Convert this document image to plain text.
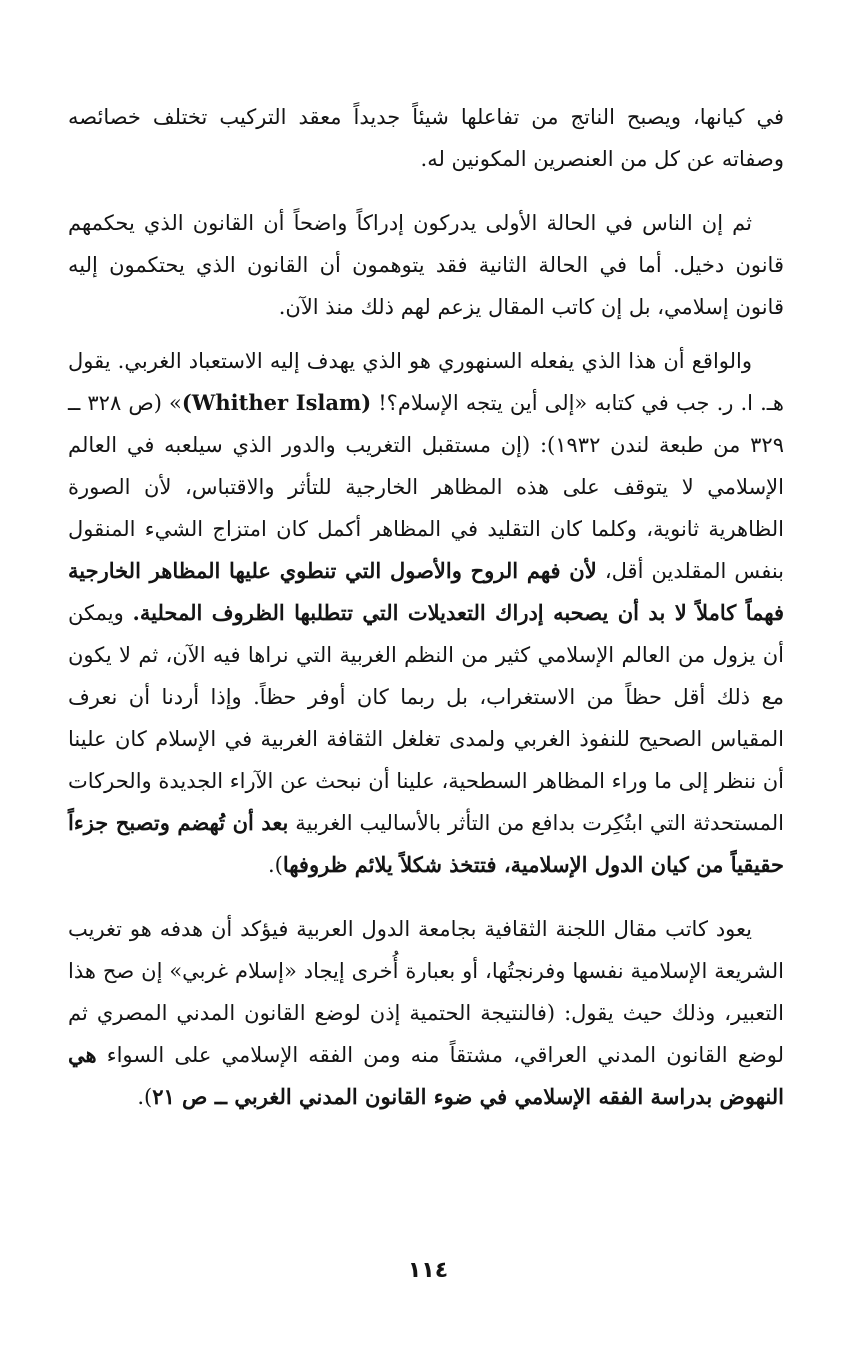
في كيانها، ويصبح الناتج من تفاعلها شيئاً جديداً معقد التركيب تختلف خصائصه وصفاته عن كل من العنصرين المكونين له.

ثم إن الناس في الحالة الأولى يدركون إدراكاً واضحاً أن القانون الذي يحكمهم قانون دخيل. أما في الحالة الثانية فقد يتوهمون أن القانون الذي يحتكمون إليه قانون إسلامي، بل إن كاتب المقال يزعم لهم ذلك منذ الآن.

والواقع أن هذا الذي يفعله السنهوري هو الذي يهدف إليه الاستعباد الغربي. يقول هـ. ا. ر. جب في كتابه «إلى أين يتجه الإسلام؟! (Whither Islam)» (ص ٣٢٨ ــ ٣٢٩ من طبعة لندن ١٩٣٢): (إن مستقبل التغريب والدور الذي سيلعبه في العالم الإسلامي لا يتوقف على هذه المظاهر الخارجية للتأثر والاقتباس، لأن الصورة الظاهرية ثانوية، وكلما كان التقليد في المظاهر أكمل كان امتزاج الشيء المنقول بنفس المقلدين أقل، لأن فهم الروح والأصول التي تنطوي عليها المظاهر الخارجية فهماً كاملاً لا بد أن يصحبه إدراك التعديلات التي تتطلبها الظروف المحلية. ويمكن أن يزول من العالم الإسلامي كثير من النظم الغربية التي نراها فيه الآن، ثم لا يكون مع ذلك أقل حظاً من الاستغراب، بل ربما كان أوفر حظاً. وإذا أردنا أن نعرف المقياس الصحيح للنفوذ الغربي ولمدى تغلغل الثقافة الغربية في الإسلام كان علينا أن ننظر إلى ما وراء المظاهر السطحية، علينا أن نبحث عن الآراء الجديدة والحركات المستحدثة التي ابتُكِرت بدافع من التأثر بالأساليب الغربية بعد أن تُهضم وتصبح جزءاً حقيقياً من كيان الدول الإسلامية، فتتخذ شكلاً يلائم ظروفها).

يعود كاتب مقال اللجنة الثقافية بجامعة الدول العربية فيؤكد أن هدفه هو تغريب الشريعة الإسلامية نفسها وفرنجتُها، أو بعبارة أُخرى إيجاد «إسلام غربي» إن صح هذا التعبير، وذلك حيث يقول: (فالنتيجة الحتمية إذن لوضع القانون المدني المصري ثم لوضع القانون المدني العراقي، مشتقاً منه ومن الفقه الإسلامي على السواء هي النهوض بدراسة الفقه الإسلامي في ضوء القانون المدني الغربي ــ ص ٢١).

١١٤
